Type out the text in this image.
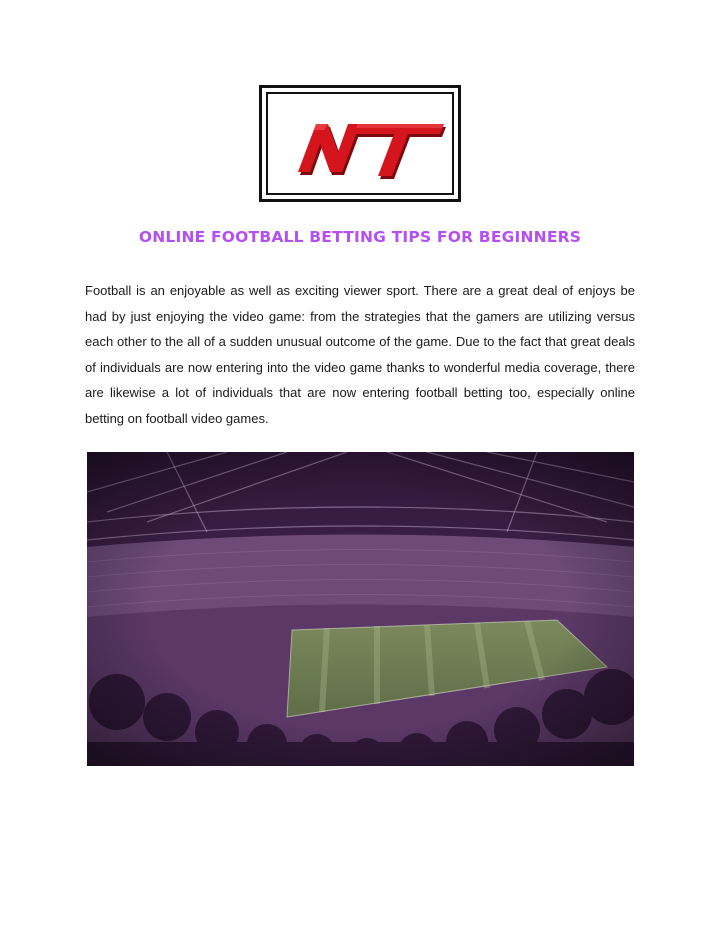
ONLINE FOOTBALL BETTING TIPS FOR BEGINNERS

Football is an enjoyable as well as exciting viewer sport. There are a great deal of enjoys be had by just enjoying the video game: from the strategies that the gamers are utilizing versus each other to the all of a sudden unusual outcome of the game. Due to the fact that great deals of individuals are now entering into the video game thanks to wonderful media coverage, there are likewise a lot of individuals that are now entering football betting too, especially online betting on football video games.
